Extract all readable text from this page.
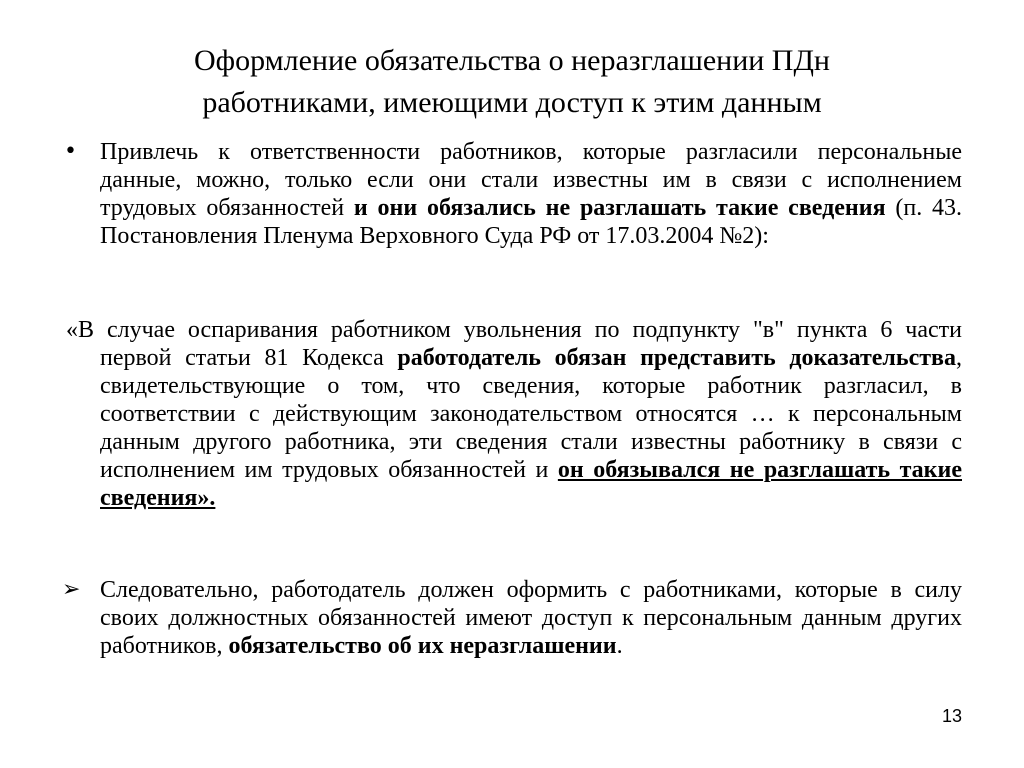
Оформление обязательства о неразглашении ПДн
работниками, имеющими доступ к этим данным
• Привлечь к ответственности работников, которые разгласили персональные данные, можно, только если они стали известны им в связи с исполнением трудовых обязанностей и они обязались не разглашать такие сведения (п. 43. Постановления Пленума Верховного Суда РФ от 17.03.2004 №2):
«В случае оспаривания работником увольнения по подпункту "в" пункта 6 части первой статьи 81 Кодекса работодатель обязан представить доказательства, свидетельствующие о том, что сведения, которые работник разгласил, в соответствии с действующим законодательством относятся … к персональным данным другого работника, эти сведения стали известны работнику в связи с исполнением им трудовых обязанностей и он обязывался не разглашать такие сведения».
➢ Следовательно, работодатель должен оформить с работниками, которые в силу своих должностных обязанностей имеют доступ к персональным данным других работников, обязательство об их неразглашении.
13
